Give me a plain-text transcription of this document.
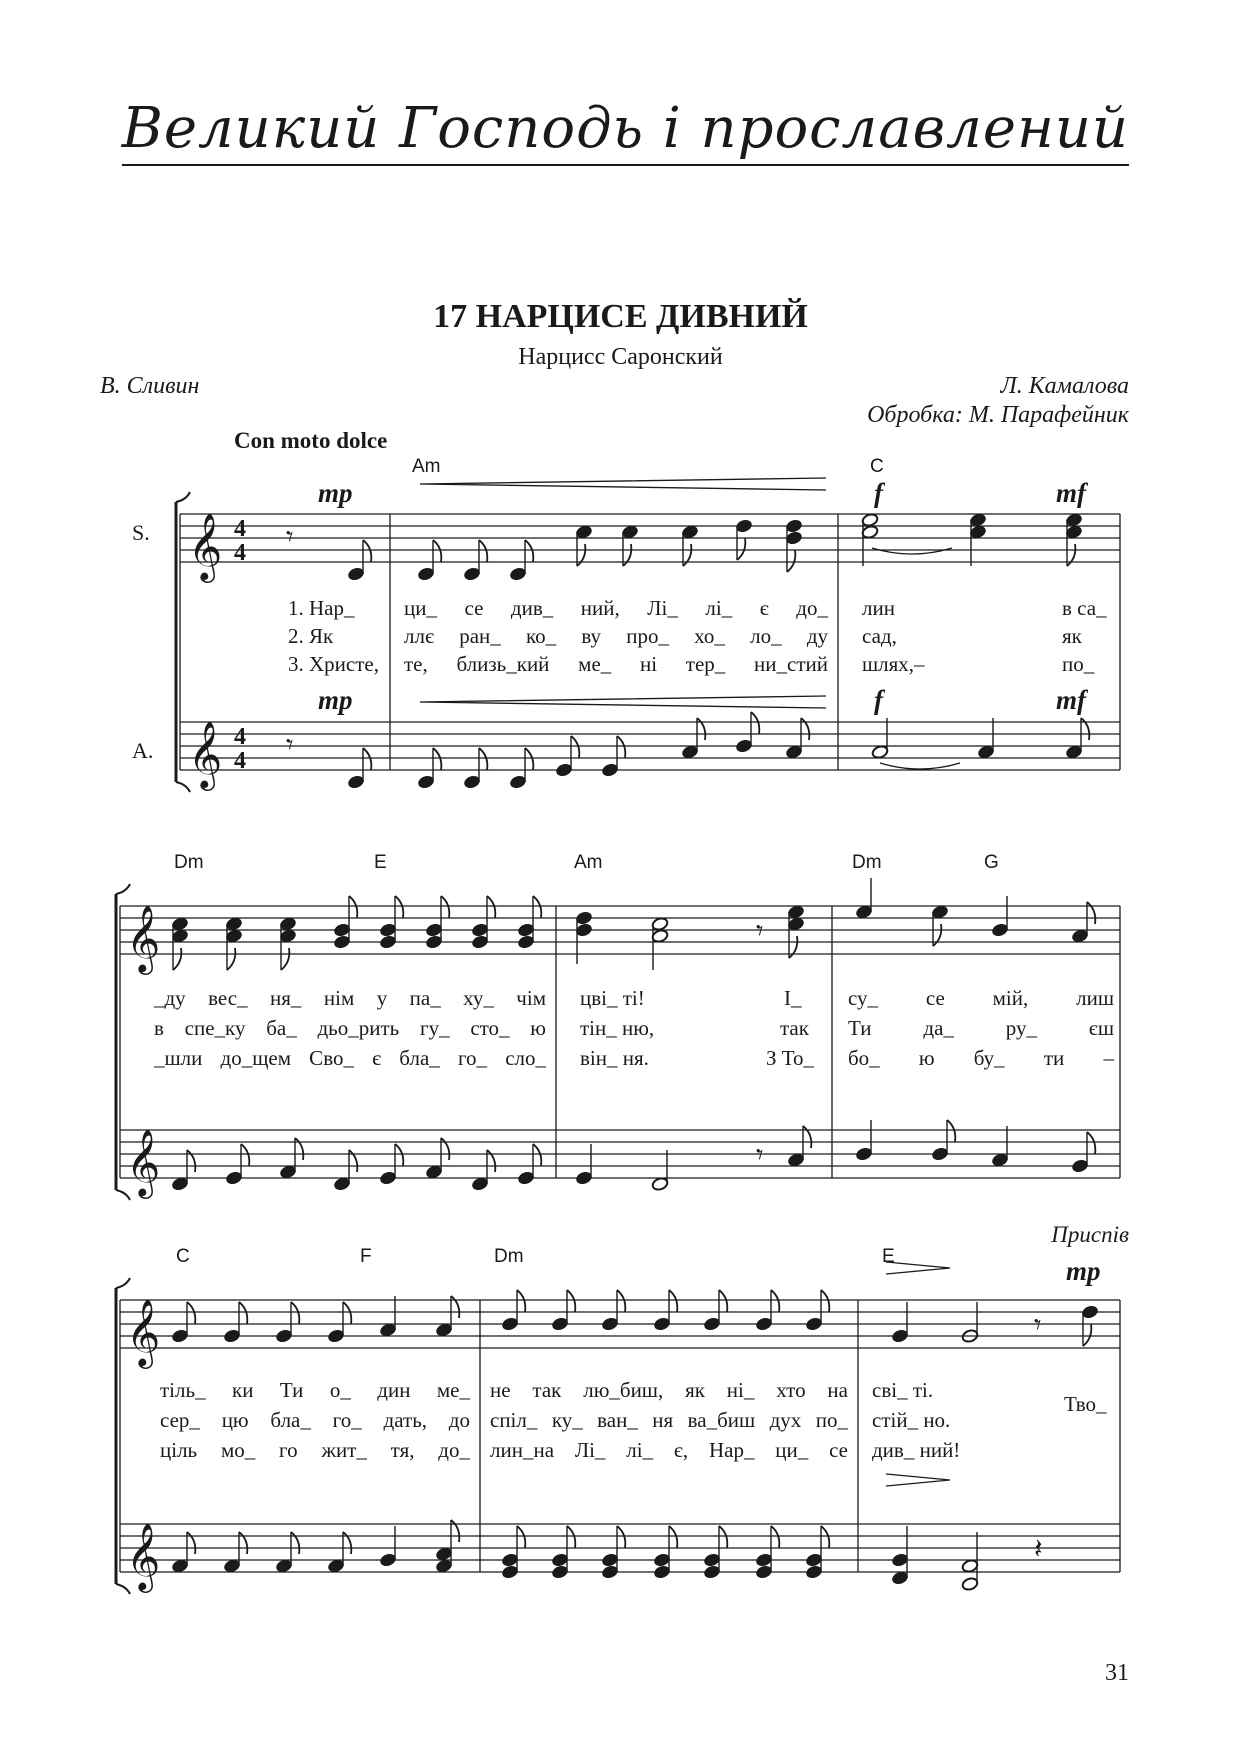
Великий Господь і прославлений
17 НАРЦИСЕ ДИВНИЙ
Нарцисс Саронский
В. Сливин	Л. Камалова
Обробка: М. Парафейник
Con moto dolce
S.
A.
Am	C
mp	f	mf
mp	f	mf
𝄞
𝄞
𝄞
𝄞
𝄞
𝄞
4
4
4
4
𝄾
𝄾
𝄾
𝄾
𝄾
𝄽
1. Нар_ ци_ се див_ ний, Лі_ лі_ є до_ лин	в са_
2. Як	ллє ран_ ко_ ву про_ хо_ ло_ ду сад,	як
3. Христе, те, близь_кий ме_ ні тер_ ни_стий шлях,–	по_
Dm	E	Am	Dm	G
_ду вес_ ня_ нім у па_ ху_ чім цві_ ті!	І_ су_ се мій, лиш
в спе_ку ба_ дьо_рить гу_ сто_ ю тін_ ню,	так Ти да_ ру_ єш
_шли до_щем Сво_ є бла_ го_ сло_ він_ ня.	З То_ бо_ ю бу_ ти –
C	F	Dm	E
Приспів
mp
тіль_ ки Ти о_ дин ме_ не так лю_биш, як ні_ хто на сві_ ті.
Тво_
сер_ цю бла_ го_ дать, до спіл_ ку_ ван_ ня ва_биш дух по_ стій_ но.
ціль мо_ го жит_ тя, до_ лин_на Лі_ лі_ є, Нар_ ци_ се див_ ний!
31
